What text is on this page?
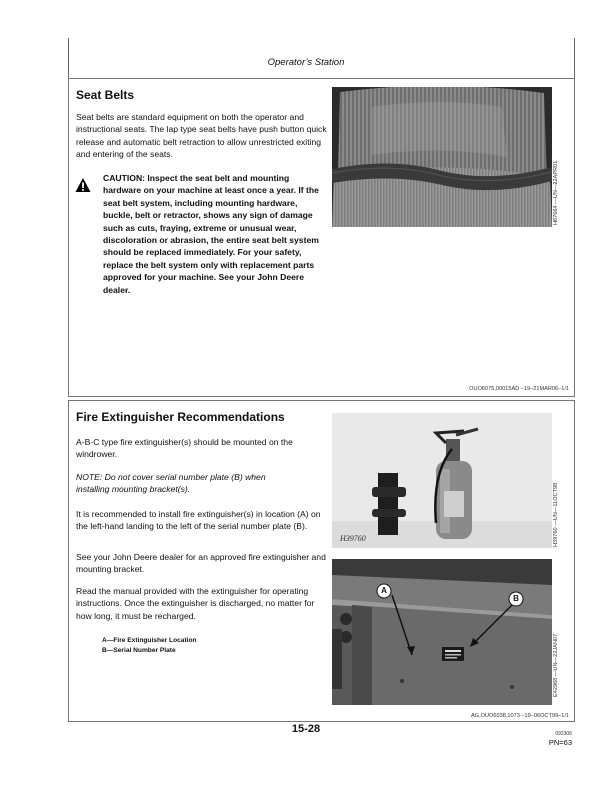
Operator’s Station
Seat Belts

Seat belts are standard equipment on both the operator and instructional seats. The lap type seat belts have push button quick release and automatic belt retraction to allow unrestricted exiting and entering of the seats.

CAUTION: Inspect the seat belt and mounting hardware on your machine at least once a year. If the seat belt system, including mounting hardware, buckle, belt or retractor, shows any sign of damage such as cuts, fraying, extreme or unusual wear, discoloration or abrasion, the entire seat belt system should be replaced immediately. For your safety, replace the belt system only with replacement parts approved for your machine. See your John Deere dealer.
H67664 —UN—22APR01
OUO6075,00015AD –19–21MAR06–1/1
Fire Extinguisher Recommendations

A-B-C type fire extinguisher(s) should be mounted on the windrower.

NOTE: Do not cover serial number plate (B) when installing mounting bracket(s).

It is recommended to install fire extinguisher(s) in location (A) on the left-hand landing to the left of the serial number plate (B).

See your John Deere dealer for an approved fire extinguisher and mounting bracket.

Read the manual provided with the extinguisher for operating instructions. Once the extinguisher is discharged, no matter for how long, it must be recharged.

A—Fire Extinguisher Location
B—Serial Number Plate
H39760	H39760 —UN—11OCT98
A
B
E42968 —UN—22JAN07
AG,OUO6038,1073 –19–06OCT99–1/1
15-28	092306
PN=63
